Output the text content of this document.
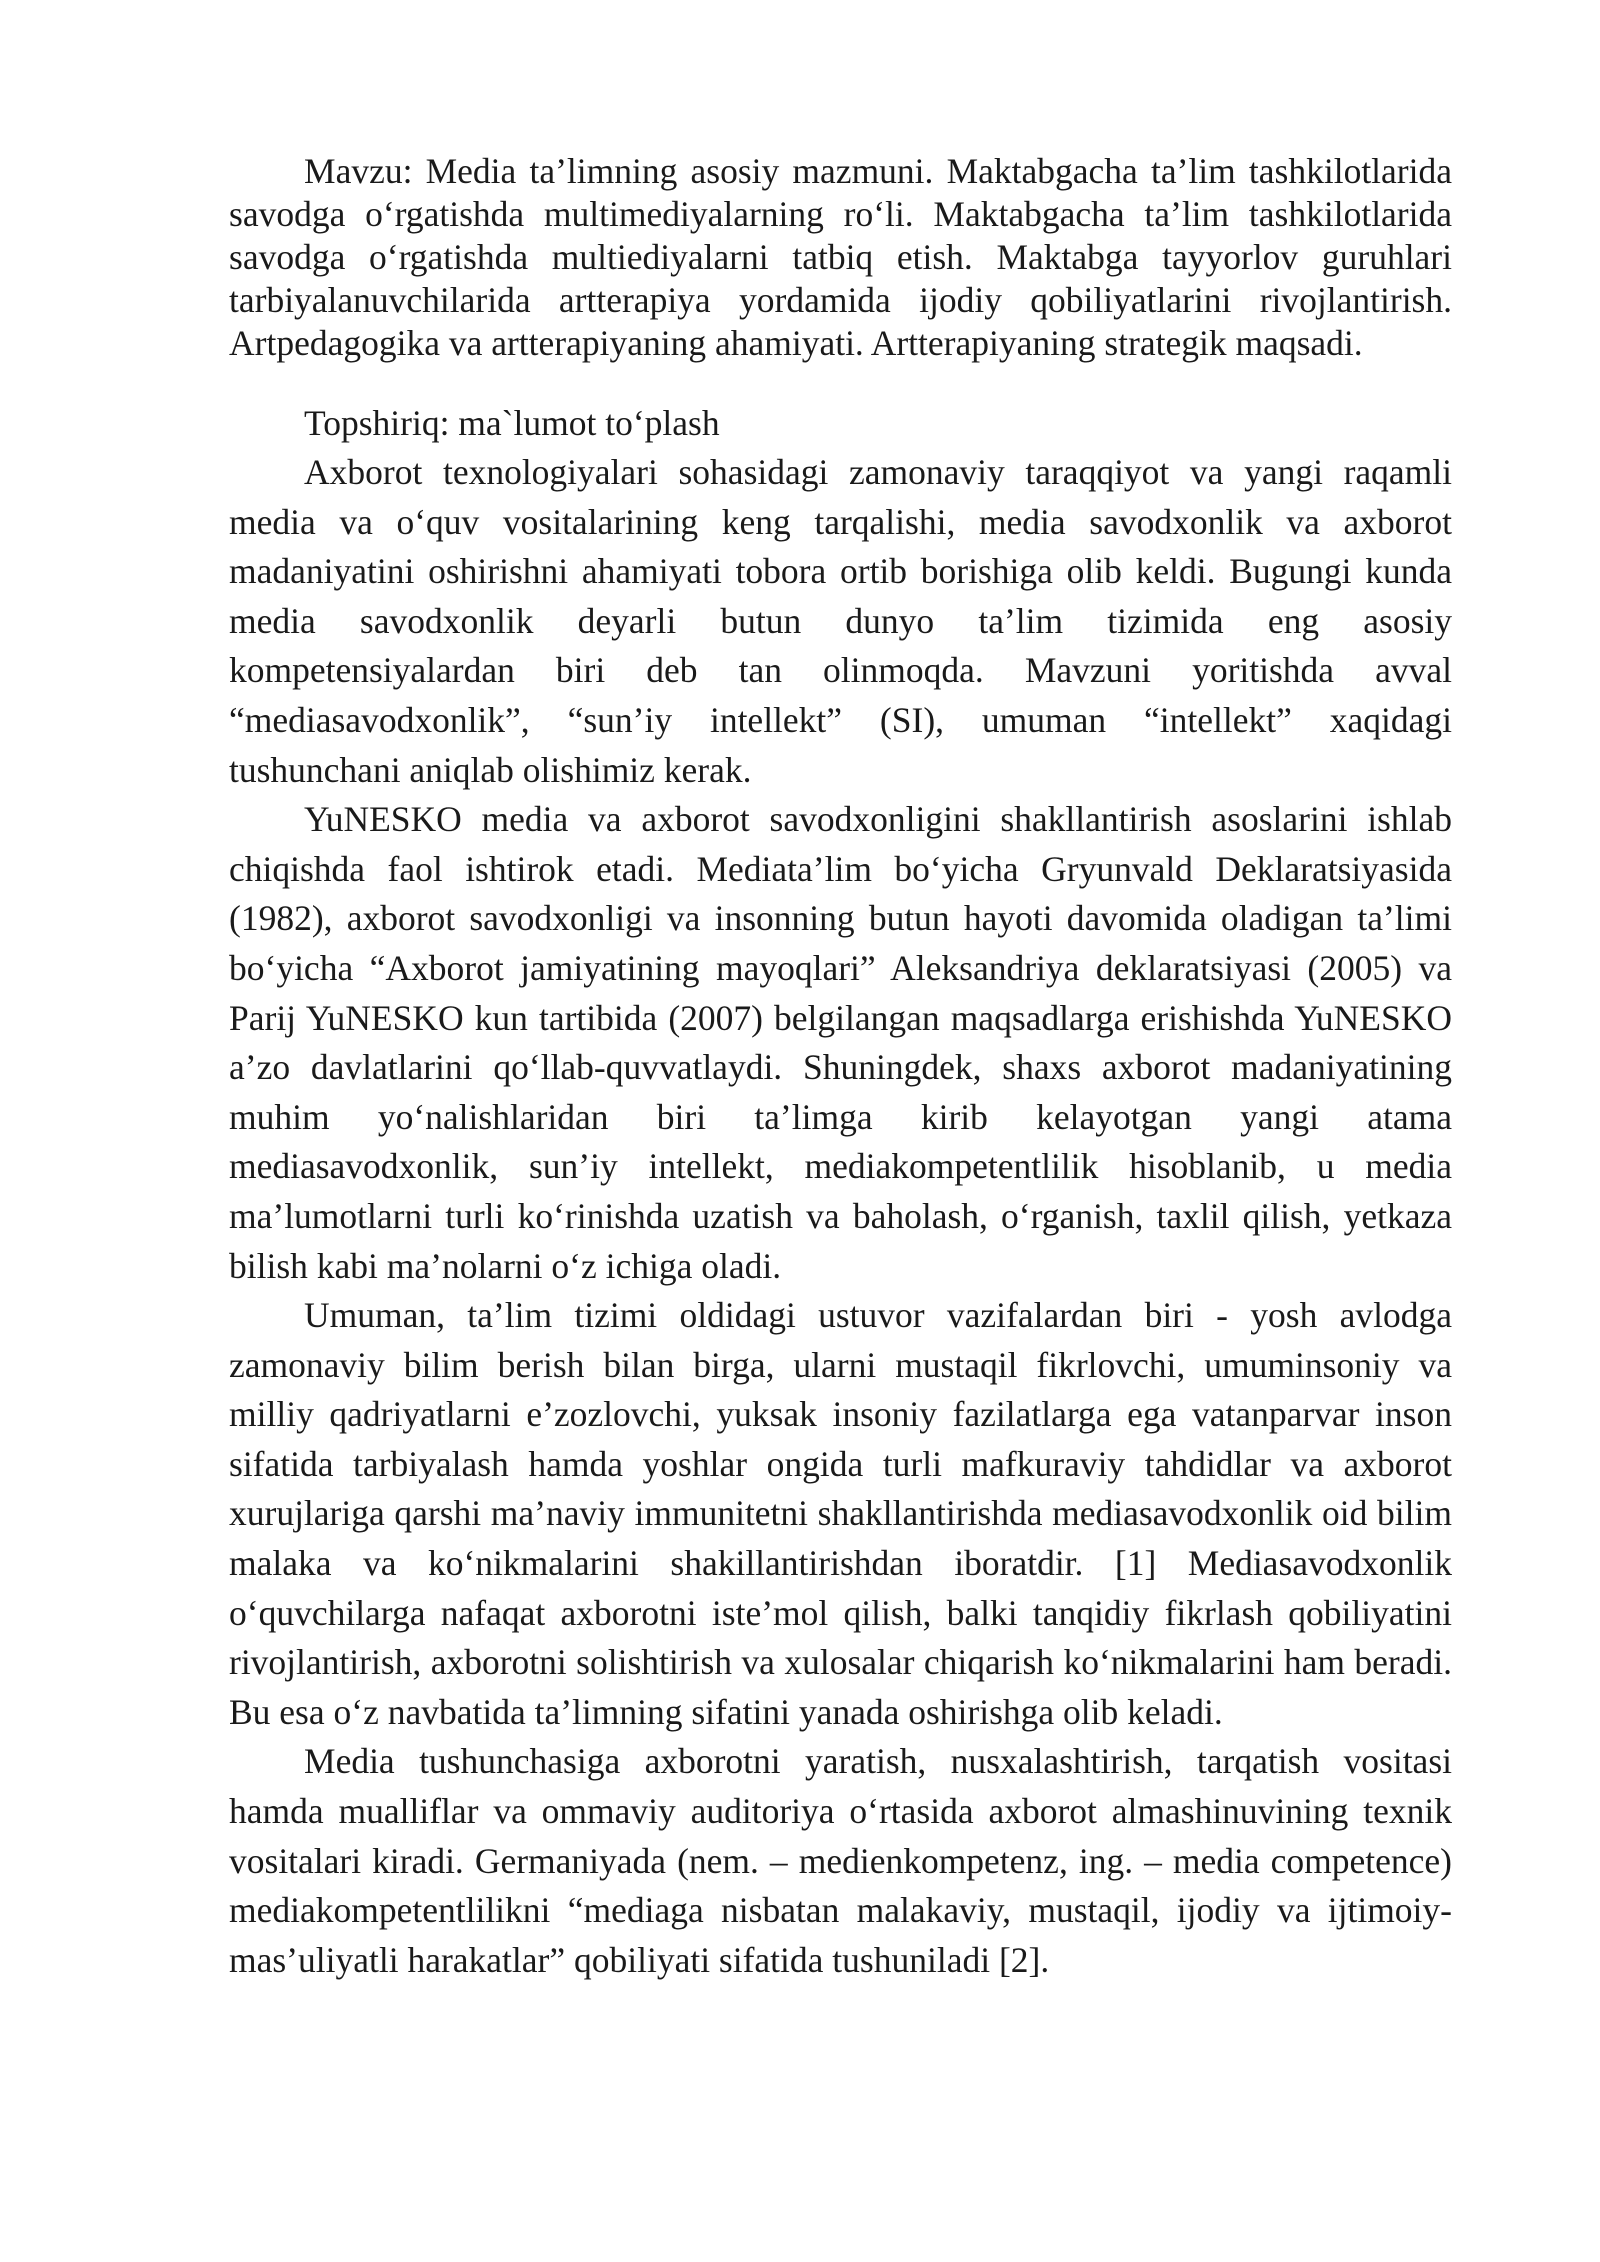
Mavzu: Media ta’limning asosiy mazmuni. Maktabgacha ta’lim tashkilotlarida savodga o‘rgatishda multimediyalarning ro‘li. Maktabgacha ta’lim tashkilotlarida savodga o‘rgatishda multiediyalarni tatbiq etish. Maktabga tayyorlov guruhlari tarbiyalanuvchilarida artterapiya yordamida ijodiy qobiliyatlarini rivojlantirish. Artpedagogika va artterapiyaning ahamiyati. Artterapiyaning strategik maqsadi.

Topshiriq: ma`lumot to‘plash

Axborot texnologiyalari sohasidagi zamonaviy taraqqiyot va yangi raqamli media va o‘quv vositalarining keng tarqalishi, media savodxonlik va axborot madaniyatini oshirishni ahamiyati tobora ortib borishiga olib keldi. Bugungi kunda media savodxonlik deyarli butun dunyo ta’lim tizimida eng asosiy kompetensiyalardan biri deb tan olinmoqda. Mavzuni yoritishda avval “mediasavodxonlik”, “sun’iy intellekt” (SI), umuman “intellekt” xaqidagi tushunchani aniqlab olishimiz kerak.

YuNESKO media va axborot savodxonligini shakllantirish asoslarini ishlab chiqishda faol ishtirok etadi. Mediata’lim bo‘yicha Gryunvald Deklaratsiyasida (1982), axborot savodxonligi va insonning butun hayoti davomida oladigan ta’limi bo‘yicha “Axborot jamiyatining mayoqlari” Aleksandriya deklaratsiyasi (2005) va Parij YuNESKO kun tartibida (2007) belgilangan maqsadlarga erishishda YuNESKO a’zo davlatlarini qo‘llab-quvvatlaydi. Shuningdek, shaxs axborot madaniyatining muhim yo‘nalishlaridan biri ta’limga kirib kelayotgan yangi atama mediasavodxonlik, sun’iy intellekt, mediakompetentlilik hisoblanib, u media ma’lumotlarni turli ko‘rinishda uzatish va baholash, o‘rganish, taxlil qilish, yetkaza bilish kabi ma’nolarni o‘z ichiga oladi.

Umuman, ta’lim tizimi oldidagi ustuvor vazifalardan biri - yosh avlodga zamonaviy bilim berish bilan birga, ularni mustaqil fikrlovchi, umuminsoniy va milliy qadriyatlarni e’zozlovchi, yuksak insoniy fazilatlarga ega vatanparvar inson sifatida tarbiyalash hamda yoshlar ongida turli mafkuraviy tahdidlar va axborot xurujlariga qarshi ma’naviy immunitetni shakllantirishda mediasavodxonlik oid bilim malaka va ko‘nikmalarini shakillantirishdan iboratdir. [1] Mediasavodxonlik o‘quvchilarga nafaqat axborotni iste’mol qilish, balki tanqidiy fikrlash qobiliyatini rivojlantirish, axborotni solishtirish va xulosalar chiqarish ko‘nikmalarini ham beradi. Bu esa o‘z navbatida ta’limning sifatini yanada oshirishga olib keladi.

Media tushunchasiga axborotni yaratish, nusxalashtirish, tarqatish vositasi hamda mualliflar va ommaviy auditoriya o‘rtasida axborot almashinuvining texnik vositalari kiradi. Germaniyada (nem. – medienkompetenz, ing. – media competence) mediakompetentlilikni “mediaga nisbatan malakaviy, mustaqil, ijodiy va ijtimoiy-mas’uliyatli harakatlar” qobiliyati sifatida tushuniladi [2].
